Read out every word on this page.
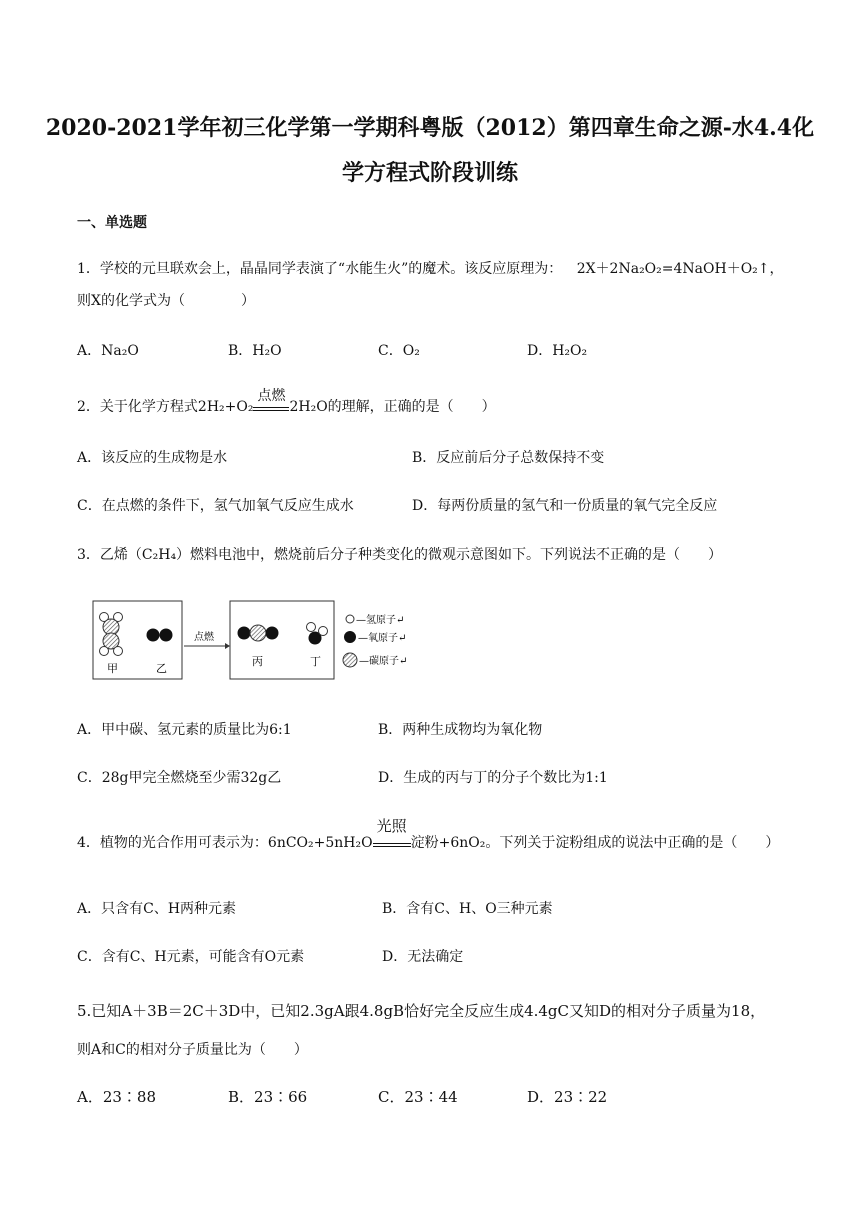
2020-2021学年初三化学第一学期科粤版（2012）第四章生命之源-水4.4化
学方程式阶段训练
一、单选题
1．学校的元旦联欢会上，晶晶同学表演了“水能生火”的魔术。该反应原理为： 2X＋2Na₂O₂=4NaOH＋O₂↑，
则X的化学式为（　　　　）
A．Na₂O	B．H₂O	C．O₂	D．H₂O₂
2．关于化学方程式2H₂+O₂
点燃
2H₂O的理解，正确的是（　　）
A．该反应的生成物是水	B．反应前后分子总数保持不变
C．在点燃的条件下，氢气加氧气反应生成水	D．每两份质量的氢气和一份质量的氧气完全反应
3．乙烯（C₂H₄）燃料电池中，燃烧前后分子种类变化的微观示意图如下。下列说法不正确的是（　　）
甲	乙
点燃
丙	丁
—氢原子↵
—氧原子↵
—碳原子↵
A．甲中碳、氢元素的质量比为6:1	B．两种生成物均为氧化物
C．28g甲完全燃烧至少需32g乙	D．生成的丙与丁的分子个数比为1:1
4．植物的光合作用可表示为：6nCO₂+5nH₂O
光照
淀粉+6nO₂。下列关于淀粉组成的说法中正确的是（　　）
A．只含有C、H两种元素	B．含有C、H、O三种元素
C．含有C、H元素，可能含有O元素	D．无法确定
5.已知A＋3B＝2C＋3D中，已知2.3gA跟4.8gB恰好完全反应生成4.4gC又知D的相对分子质量为18，
则A和C的相对分子质量比为（　　）
A．23∶88	B．23∶66	C．23∶44	D．23∶22
